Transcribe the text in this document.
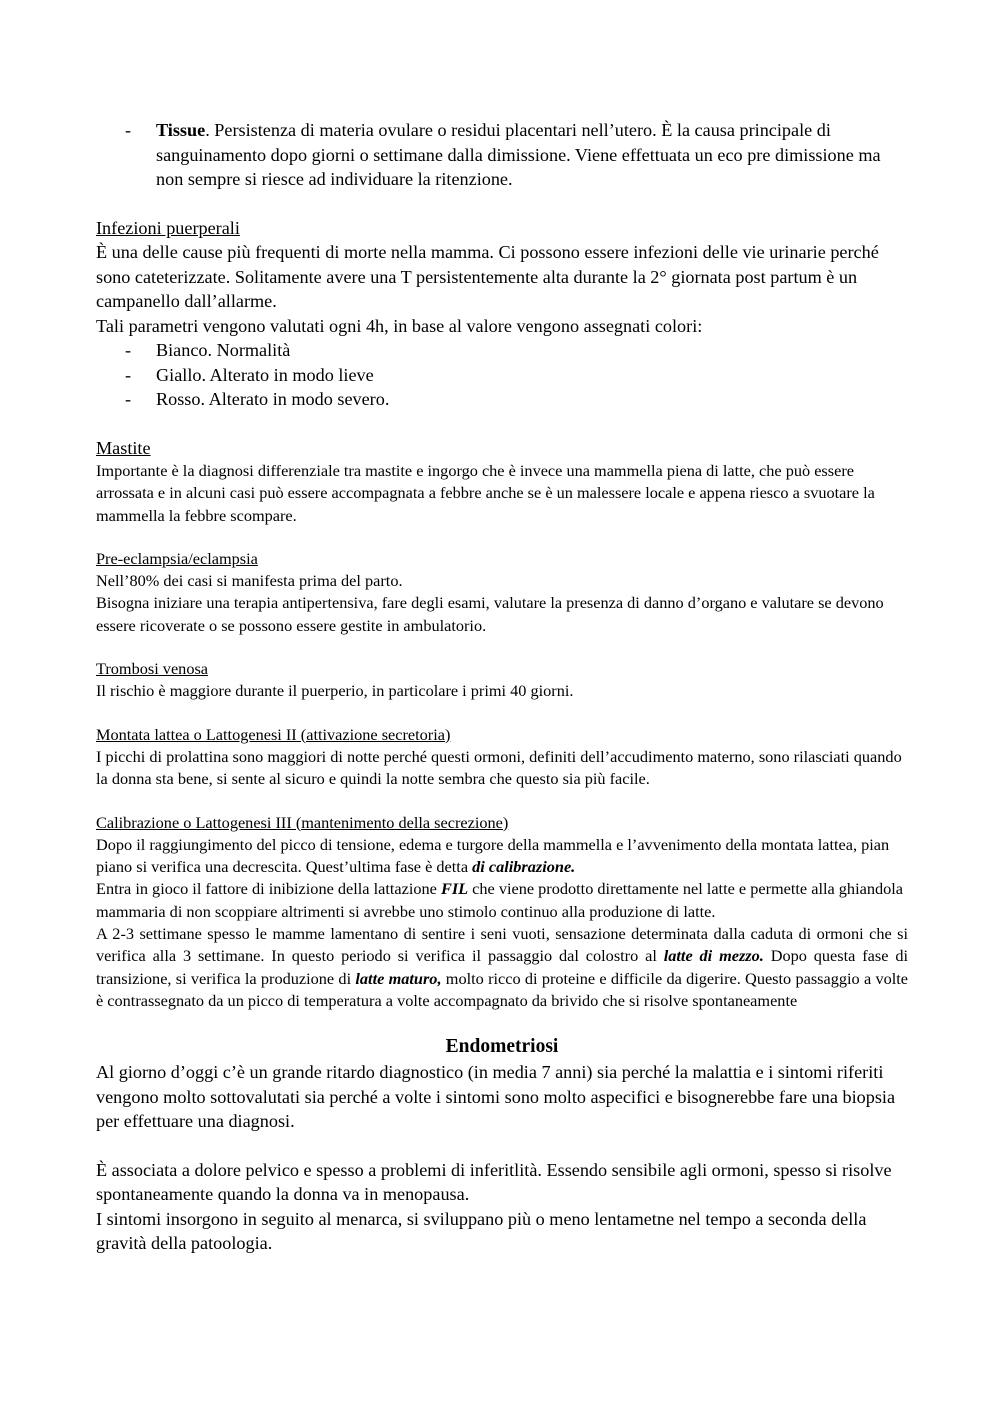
- Tissue. Persistenza di materia ovulare o residui placentari nell’utero. È la causa principale di sanguinamento dopo giorni o settimane dalla dimissione. Viene effettuata un eco pre dimissione ma non sempre si riesce ad individuare la ritenzione.
Infezioni puerperali

È una delle cause più frequenti di morte nella mamma. Ci possono essere infezioni delle vie urinarie perché sono cateterizzate. Solitamente avere una T persistentemente alta durante la 2° giornata post partum è un campanello dall’allarme.

Tali parametri vengono valutati ogni 4h, in base al valore vengono assegnati colori:

- Bianco. Normalità
- Giallo. Alterato in modo lieve
- Rosso. Alterato in modo severo.
Mastite

Importante è la diagnosi differenziale tra mastite e ingorgo che è invece una mammella piena di latte, che può essere arrossata e in alcuni casi può essere accompagnata a febbre anche se è un malessere locale e appena riesco a svuotare la mammella la febbre scompare.

Pre-eclampsia/eclampsia

Nell’80% dei casi si manifesta prima del parto.

Bisogna iniziare una terapia antipertensiva, fare degli esami, valutare la presenza di danno d’organo e valutare se devono essere ricoverate o se possono essere gestite in ambulatorio.

Trombosi venosa

Il rischio è maggiore durante il puerperio, in particolare i primi 40 giorni.

Montata lattea o Lattogenesi II (attivazione secretoria)

I picchi di prolattina sono maggiori di notte perché questi ormoni, definiti dell’accudimento materno, sono rilasciati quando la donna sta bene, si sente al sicuro e quindi la notte sembra che questo sia più facile.

Calibrazione o Lattogenesi III (mantenimento della secrezione)

Dopo il raggiungimento del picco di tensione, edema e turgore della mammella e l’avvenimento della montata lattea, pian piano si verifica una decrescita. Quest’ultima fase è detta di calibrazione.

Entra in gioco il fattore di inibizione della lattazione FIL che viene prodotto direttamente nel latte e permette alla ghiandola mammaria di non scoppiare altrimenti si avrebbe uno stimolo continuo alla produzione di latte.

A 2-3 settimane spesso le mamme lamentano di sentire i seni vuoti, sensazione determinata dalla caduta di ormoni che si verifica alla 3 settimane. In questo periodo si verifica il passaggio dal colostro al latte di mezzo. Dopo questa fase di transizione, si verifica la produzione di latte maturo, molto ricco di proteine e difficile da digerire. Questo passaggio a volte è contrassegnato da un picco di temperatura a volte accompagnato da brivido che si risolve spontaneamente

Endometriosi

Al giorno d’oggi c’è un grande ritardo diagnostico (in media 7 anni) sia perché la malattia e i sintomi riferiti vengono molto sottovalutati sia perché a volte i sintomi sono molto aspecifici e bisognerebbe fare una biopsia per effettuare una diagnosi.

È associata a dolore pelvico e spesso a problemi di inferitlità. Essendo sensibile agli ormoni, spesso si risolve spontaneamente quando la donna va in menopausa.

I sintomi insorgono in seguito al menarca, si sviluppano più o meno lentametne nel tempo a seconda della gravità della patoologia.
